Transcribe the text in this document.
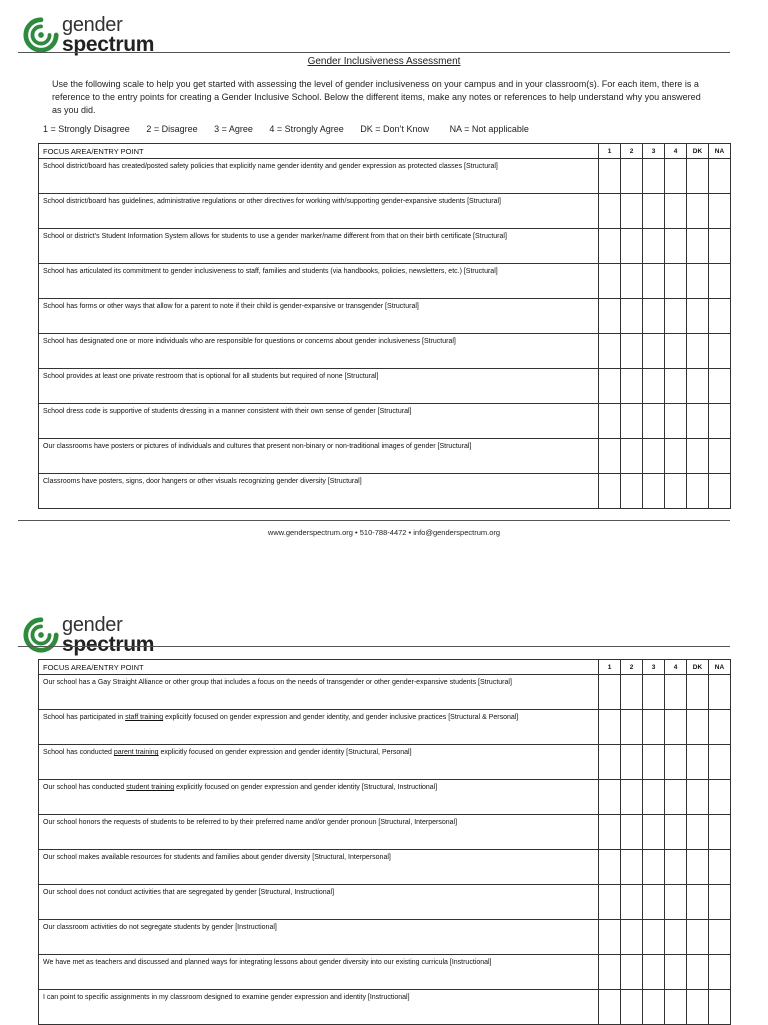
gender
spectrum
Gender Inclusiveness Assessment
Use the following scale to help you get started with assessing the level of gender inclusiveness on your campus and in your classroom(s). For each item, there is a reference to the entry points for creating a Gender Inclusive School. Below the different items, make any notes or references to help understand why you answered as you did.
1 = Strongly Disagree 2 = Disagree 3 = Agree 4 = Strongly Agree DK = Don’t Know NA = Not applicable
FOCUS AREA/ENTRY POINT	1	2	3	4	DK	NA
School district/board has created/posted safety policies that explicitly name gender identity and gender expression as protected classes [Structural]						
School district/board has guidelines, administrative regulations or other directives for working with/supporting gender-expansive students [Structural]						
School or district’s Student Information System allows for students to use a gender marker/name different from that on their birth certificate [Structural]						
School has articulated its commitment to gender inclusiveness to staff, families and students (via handbooks, policies, newsletters, etc.) [Structural]						
School has forms or other ways that allow for a parent to note if their child is gender-expansive or transgender [Structural]						
School has designated one or more individuals who are responsible for questions or concerns about gender inclusiveness [Structural]						
School provides at least one private restroom that is optional for all students but required of none [Structural]						
School dress code is supportive of students dressing in a manner consistent with their own sense of gender [Structural]						
Our classrooms have posters or pictures of individuals and cultures that present non-binary or non-traditional images of gender [Structural]						
Classrooms have posters, signs, door hangers or other visuals recognizing gender diversity [Structural]						
www.genderspectrum.org • 510-788-4472 • info@genderspectrum.org
gender
spectrum
FOCUS AREA/ENTRY POINT	1	2	3	4	DK	NA
Our school has a Gay Straight Alliance or other group that includes a focus on the needs of transgender or other gender-expansive students [Structural]						
School has participated in staff training explicitly focused on gender expression and gender identity, and gender inclusive practices [Structural & Personal]						
School has conducted parent training explicitly focused on gender expression and gender identity [Structural, Personal]						
Our school has conducted student training explicitly focused on gender expression and gender identity [Structural, Instructional]						
Our school honors the requests of students to be referred to by their preferred name and/or gender pronoun [Structural, Interpersonal]						
Our school makes available resources for students and families about gender diversity [Structural, Interpersonal]						
Our school does not conduct activities that are segregated by gender [Structural, Instructional]						
Our classroom activities do not segregate students by gender [Instructional]						
We have met as teachers and discussed and planned ways for integrating lessons about gender diversity into our existing curricula [Instructional]						
I can point to specific assignments in my classroom designed to examine gender expression and identity [Instructional]						
